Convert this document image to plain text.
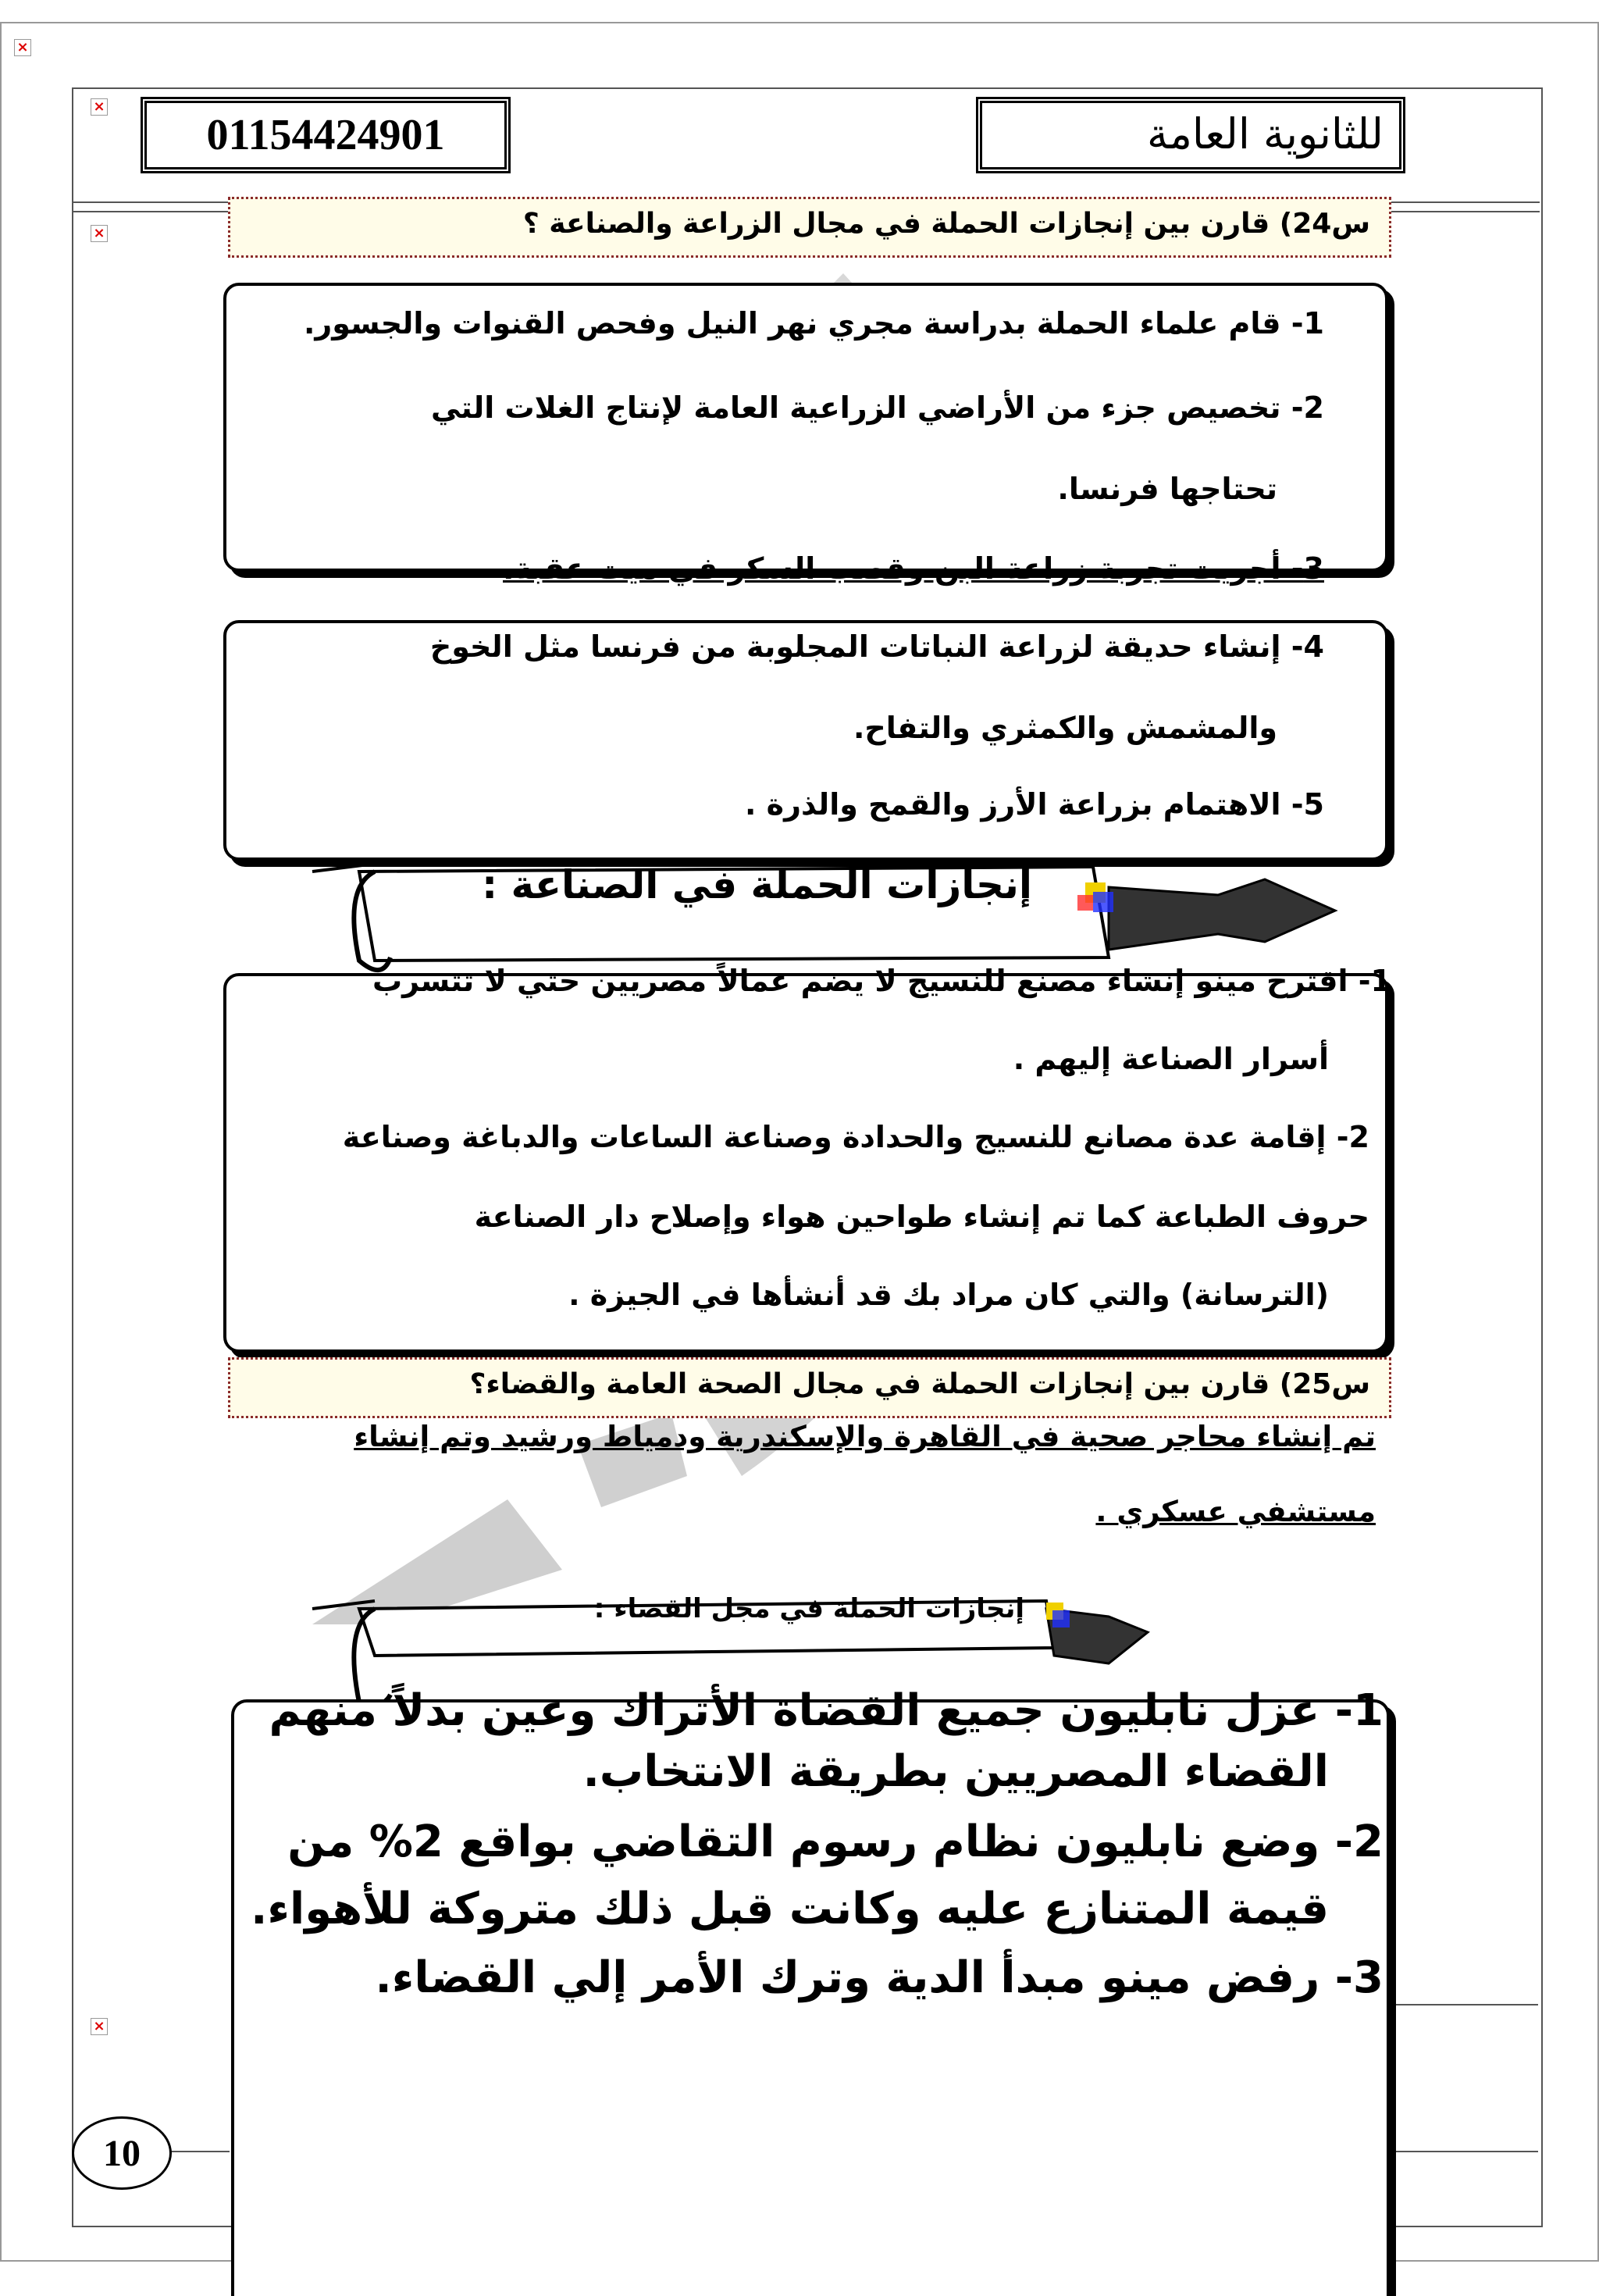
×
×
×
×
01154424901	للثانوية العامة
س24) قارن بين إنجازات الحملة في مجال الزراعة والصناعة ؟
1- قام علماء الحملة بدراسة مجري نهر النيل وفحص القنوات والجسور.
2- تخصيص جزء من الأراضي الزراعية العامة لإنتاج الغلات التي
تحتاجها فرنسا.
3- أجريت تجربة زراعة البن وقصب السكر في ميت عقبة.
4- إنشاء حديقة لزراعة النباتات المجلوبة من فرنسا مثل الخوخ
والمشمش والكمثري والتفاح.
5- الاهتمام بزراعة الأرز والقمح والذرة .
إنجازات الحملة في الصناعة :
1- اقترح مينو إنشاء مصنع للنسيج لا يضم عمالاً مصريين حتي لا تتسرب
أسرار الصناعة إليهم .
2- إقامة عدة مصانع للنسيج والحدادة وصناعة الساعات والدباغة وصناعة
حروف الطباعة كما تم إنشاء طواحين هواء وإصلاح دار الصناعة
(الترسانة) والتي كان مراد بك قد أنشأها في الجيزة .
س25) قارن بين إنجازات الحملة في مجال الصحة العامة والقضاء؟
تم إنشاء محاجر صحية في القاهرة والإسكندرية ودمياط ورشيد وتم إنشاء
مستشفي عسكري .
إنجازات الحملة في مجل القضاء :
1- عزل نابليون جميع القضاة الأتراك وعين بدلاً منهم
القضاء المصريين بطريقة الانتخاب.
2- وضع نابليون نظام رسوم التقاضي بواقع 2% من
قيمة المتنازع عليه وكانت قبل ذلك متروكة للأهواء.
3- رفض مينو مبدأ الدية وترك الأمر إلي القضاء.
10
